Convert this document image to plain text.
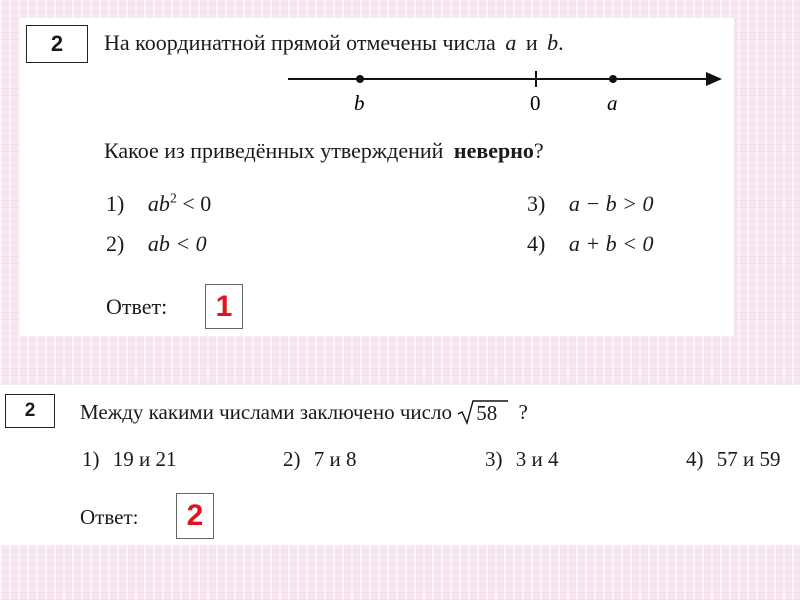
2 На координатной прямой отмечены числа a и b.
b	0	a
Какое из приведённых утверждений неверно?
1) $ab^2 < 0$
2) ab < 0
3) a − b > 0
4) a + b < 0
Ответ:	1
2 Между какими числами заключено число 58 ?
1) 19 и 21	2) 7 и 8	3) 3 и 4	4) 57 и 59
Ответ:	2
